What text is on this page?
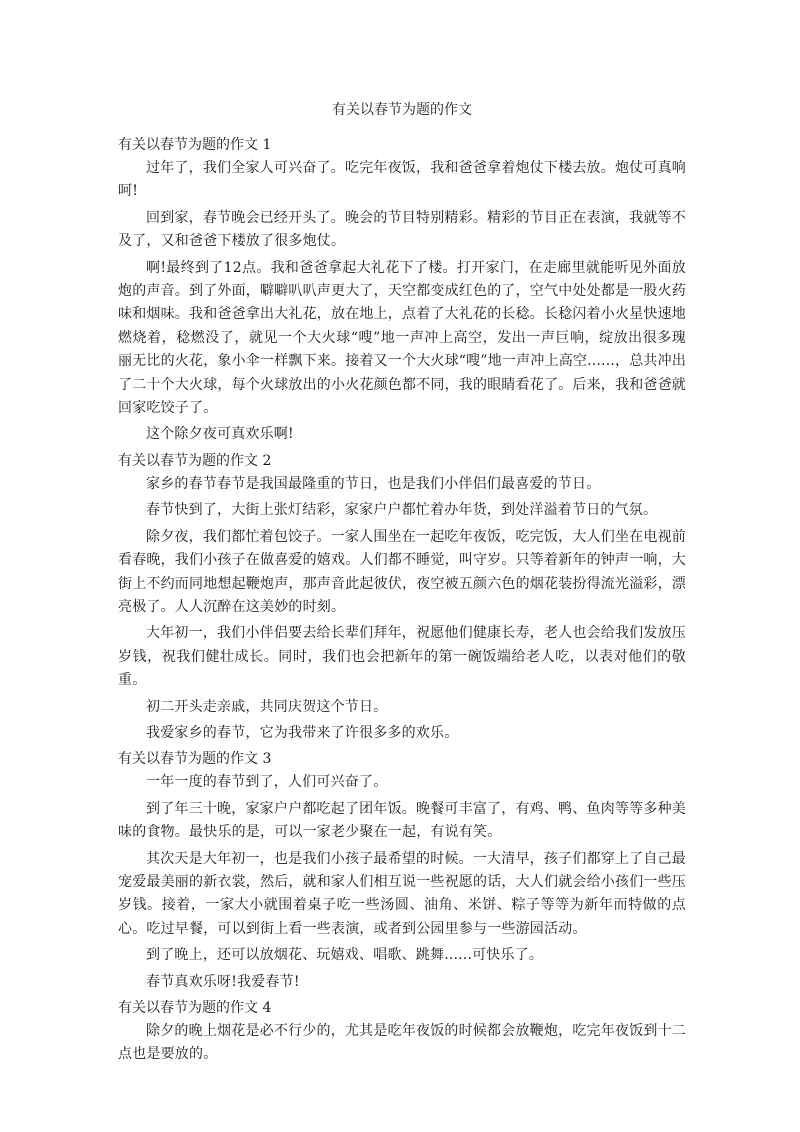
有关以春节为题的作文
有关以春节为题的作文 1

过年了，我们全家人可兴奋了。吃完年夜饭，我和爸爸拿着炮仗下楼去放。炮仗可真响呵!

回到家，春节晚会已经开头了。晚会的节目特别精彩。精彩的节目正在表演，我就等不及了，又和爸爸下楼放了很多炮仗。

啊!最终到了12点。我和爸爸拿起大礼花下了楼。打开家门，在走廊里就能听见外面放炮的声音。到了外面，噼噼叭叭声更大了，天空都变成红色的了，空气中处处都是一股火药味和烟味。我和爸爸拿出大礼花，放在地上，点着了大礼花的长稔。长稔闪着小火星快速地燃烧着，稔燃没了，就见一个大火球“嗖”地一声冲上高空，发出一声巨响，绽放出很多瑰丽无比的火花，象小伞一样飘下来。接着又一个大火球“嗖”地一声冲上高空......，总共冲出了二十个大火球，每个火球放出的小火花颜色都不同，我的眼睛看花了。后来，我和爸爸就回家吃饺子了。

这个除夕夜可真欢乐啊!

有关以春节为题的作文 2

家乡的春节春节是我国最隆重的节日，也是我们小伴侣们最喜爱的节日。

春节快到了，大街上张灯结彩，家家户户都忙着办年货，到处洋溢着节日的气氛。

除夕夜，我们都忙着包饺子。一家人围坐在一起吃年夜饭，吃完饭，大人们坐在电视前看春晚，我们小孩子在做喜爱的嬉戏。人们都不睡觉，叫守岁。只等着新年的钟声一响，大街上不约而同地想起鞭炮声，那声音此起彼伏，夜空被五颜六色的烟花装扮得流光溢彩，漂亮极了。人人沉醉在这美妙的时刻。

大年初一，我们小伴侣要去给长辈们拜年，祝愿他们健康长寿，老人也会给我们发放压岁钱，祝我们健壮成长。同时，我们也会把新年的第一碗饭端给老人吃，以表对他们的敬重。

初二开头走亲戚，共同庆贺这个节日。

我爱家乡的春节，它为我带来了许很多多的欢乐。

有关以春节为题的作文 3

一年一度的春节到了，人们可兴奋了。

到了年三十晚，家家户户都吃起了团年饭。晚餐可丰富了，有鸡、鸭、鱼肉等等多种美味的食物。最快乐的是，可以一家老少聚在一起，有说有笑。

其次天是大年初一，也是我们小孩子最希望的时候。一大清早，孩子们都穿上了自己最宠爱最美丽的新衣裳，然后，就和家人们相互说一些祝愿的话，大人们就会给小孩们一些压岁钱。接着，一家大小就围着桌子吃一些汤圆、油角、米饼、粽子等等为新年而特做的点心。吃过早餐，可以到街上看一些表演，或者到公园里参与一些游园活动。

到了晚上，还可以放烟花、玩嬉戏、唱歌、跳舞......可快乐了。

春节真欢乐呀!我爱春节!

有关以春节为题的作文 4

除夕的晚上烟花是必不行少的，尤其是吃年夜饭的时候都会放鞭炮，吃完年夜饭到十二点也是要放的。
